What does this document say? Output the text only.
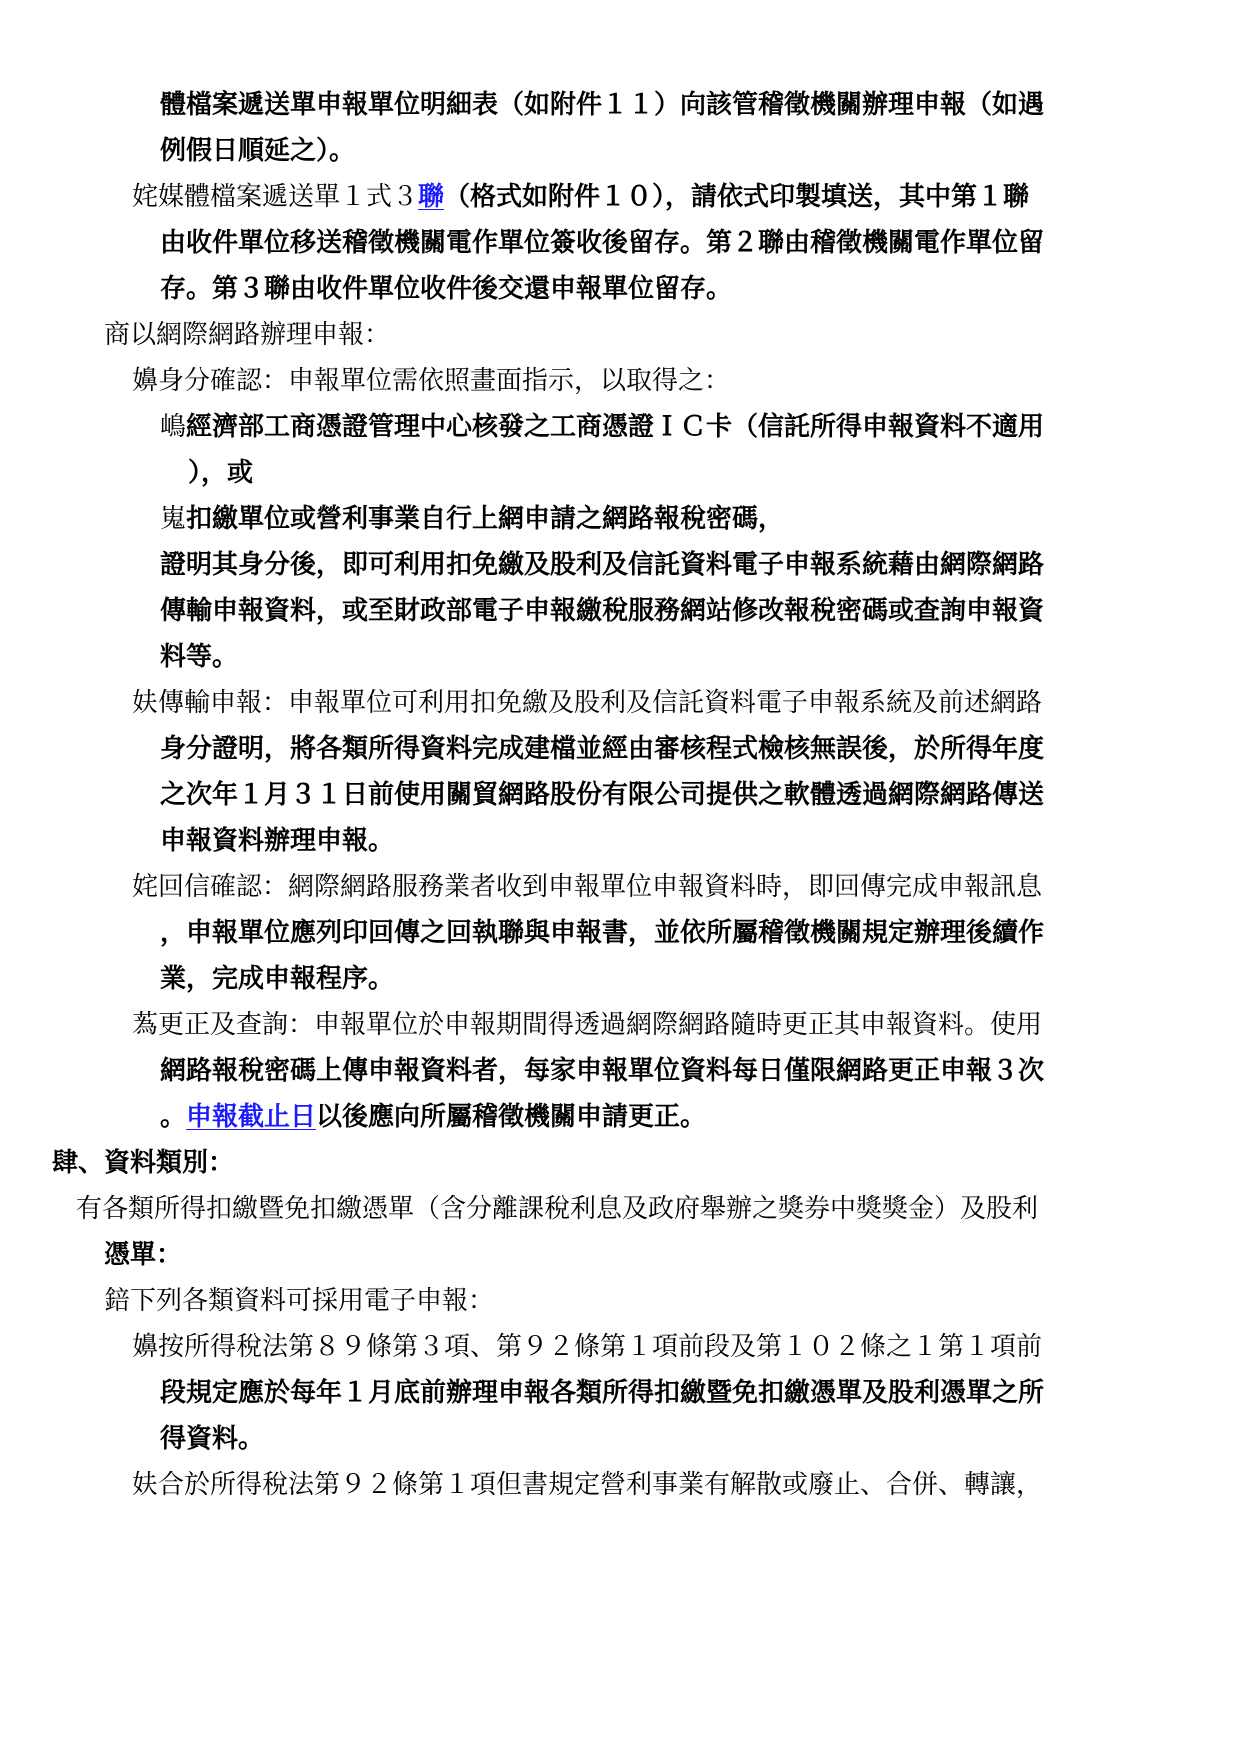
體檔案遞送單申報單位明細表（如附件１１）向該管稽徵機關辦理申報（如遇
例假日順延之）。
姹媒體檔案遞送單１式３聯（格式如附件１０），請依式印製填送，其中第１聯
由收件單位移送稽徵機關電作單位簽收後留存。第２聯由稽徵機關電作單位留
存。第３聯由收件單位收件後交還申報單位留存。
商以網際網路辦理申報：
嬶身分確認：申報單位需依照畫面指示，以取得之：
嶋經濟部工商憑證管理中心核發之工商憑證ＩＣ卡（信託所得申報資料不適用
），或
嵬扣繳單位或營利事業自行上網申請之網路報稅密碼，
證明其身分後，即可利用扣免繳及股利及信託資料電子申報系統藉由網際網路
傳輸申報資料，或至財政部電子申報繳稅服務網站修改報稅密碼或查詢申報資
料等。
妋傳輸申報：申報單位可利用扣免繳及股利及信託資料電子申報系統及前述網路
身分證明，將各類所得資料完成建檔並經由審核程式檢核無誤後，於所得年度
之次年１月３１日前使用關貿網路股份有限公司提供之軟體透過網際網路傳送
申報資料辦理申報。
姹回信確認：網際網路服務業者收到申報單位申報資料時，即回傳完成申報訊息
，申報單位應列印回傳之回執聯與申報書，並依所屬稽徵機關規定辦理後續作
業，完成申報程序。
蒍更正及查詢：申報單位於申報期間得透過網際網路隨時更正其申報資料。使用
網路報稅密碼上傳申報資料者，每家申報單位資料每日僅限網路更正申報３次
。申報截止日以後應向所屬稽徵機關申請更正。
肆、資料類別：
有各類所得扣繳暨免扣繳憑單（含分離課稅利息及政府舉辦之獎券中獎獎金）及股利
憑單：
錇下列各類資料可採用電子申報：
嬶按所得稅法第８９條第３項、第９２條第１項前段及第１０２條之１第１項前
段規定應於每年１月底前辦理申報各類所得扣繳暨免扣繳憑單及股利憑單之所
得資料。
妋合於所得稅法第９２條第１項但書規定營利事業有解散或廢止、合併、轉讓，
